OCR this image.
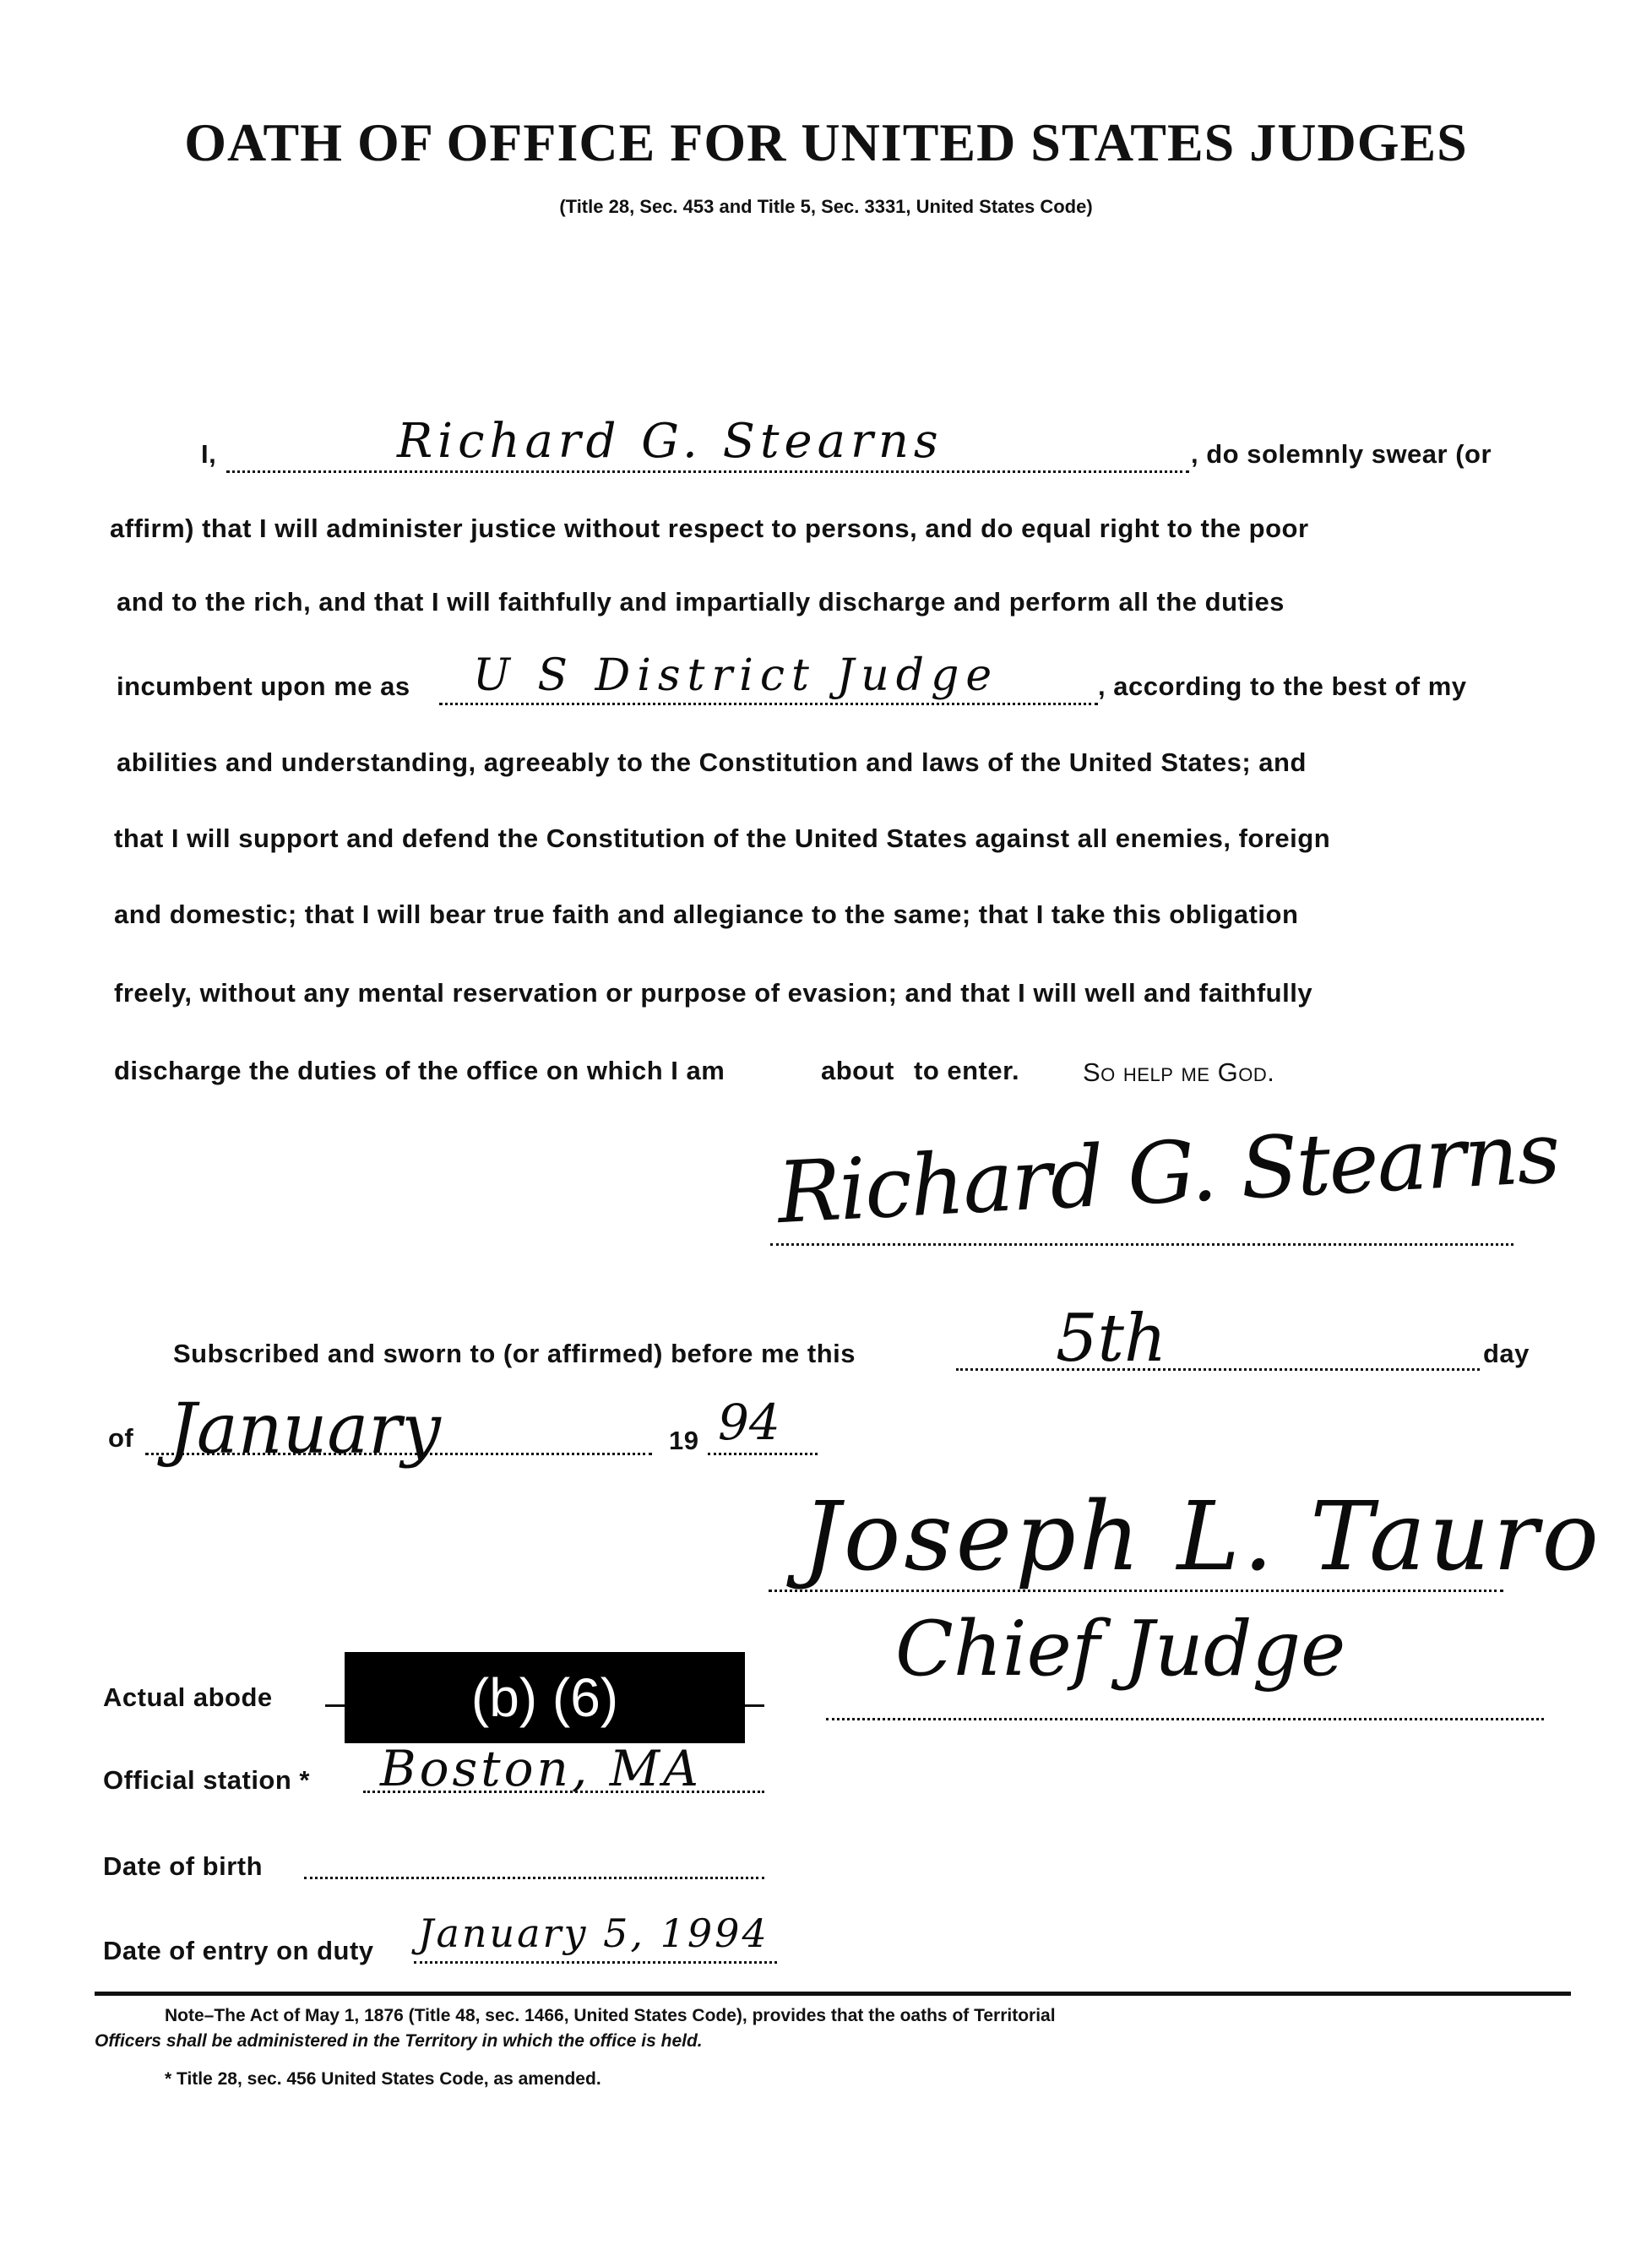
OATH OF OFFICE FOR UNITED STATES JUDGES
(Title 28, Sec. 453 and Title 5, Sec. 3331, United States Code)
I,	Richard G. Stearns	, do solemnly swear (or
affirm) that I will administer justice without respect to persons, and do equal right to the poor
and to the rich, and that I will faithfully and impartially discharge and perform all the duties
incumbent upon me as U S District Judge	, according to the best of my
abilities and understanding, agreeably to the Constitution and laws of the United States; and
that I will support and defend the Constitution of the United States against all enemies, foreign
and domestic; that I will bear true faith and allegiance to the same; that I take this obligation
freely, without any mental reservation or purpose of evasion; and that I will well and faithfully
discharge the duties of the office on which I am	about to enter. So help me God.
Richard G. Stearns
Subscribed and sworn to (or affirmed) before me this	5th	day
of January	19 94
Joseph L. Tauro
Chief Judge
Actual abode	(b) (6)
Official station * Boston, MA
Date of birth
Date of entry on duty January 5, 1994
Note–The Act of May 1, 1876 (Title 48, sec. 1466, United States Code), provides that the oaths of Territorial
Officers shall be administered in the Territory in which the office is held.
* Title 28, sec. 456 United States Code, as amended.
